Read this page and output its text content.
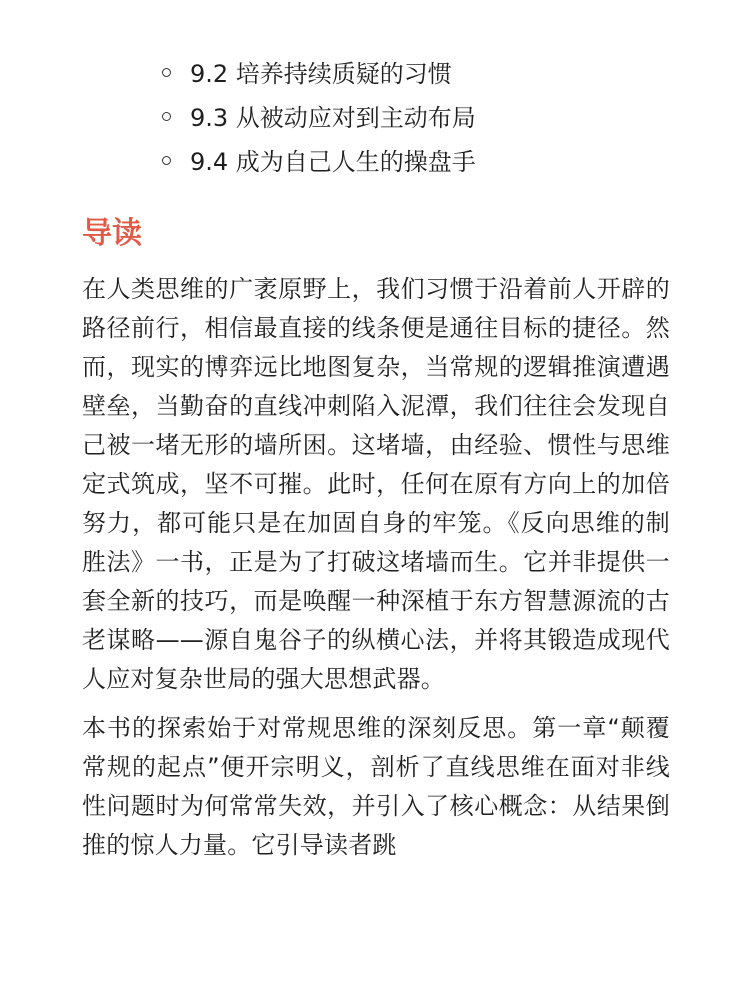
9.2 培养持续质疑的习惯
9.3 从被动应对到主动布局
9.4 成为自己人生的操盘手
导读

在人类思维的广袤原野上，我们习惯于沿着前人开辟的路径前行，相信最直接的线条便是通往目标的捷径。然而，现实的博弈远比地图复杂，当常规的逻辑推演遭遇壁垒，当勤奋的直线冲刺陷入泥潭，我们往往会发现自己被一堵无形的墙所困。这堵墙，由经验、惯性与思维定式筑成，坚不可摧。此时，任何在原有方向上的加倍努力，都可能只是在加固自身的牢笼。《反向思维的制胜法》一书，正是为了打破这堵墙而生。它并非提供一套全新的技巧，而是唤醒一种深植于东方智慧源流的古老谋略——源自鬼谷子的纵横心法，并将其锻造成现代人应对复杂世局的强大思想武器。

本书的探索始于对常规思维的深刻反思。第一章“颠覆常规的起点”便开宗明义，剖析了直线思维在面对非线性问题时为何常常失效，并引入了核心概念：从结果倒推的惊人力量。它引导读者跳
